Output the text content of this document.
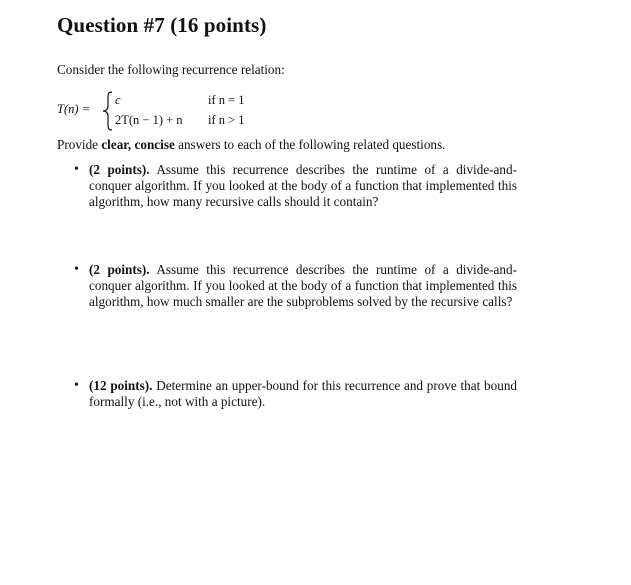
Question #7 (16 points)
Consider the following recurrence relation:
T(n) =
c	if n = 1
2T(n − 1) + n if n > 1
Provide clear, concise answers to each of the following related questions.
• (2 points). Assume this recurrence describes the runtime of a divide-and-conquer algorithm. If you looked at the body of a function that implemented this algorithm, how many recursive calls should it contain?
• (2 points). Assume this recurrence describes the runtime of a divide-and-conquer algorithm. If you looked at the body of a function that implemented this algorithm, how much smaller are the subproblems solved by the recursive calls?
• (12 points). Determine an upper-bound for this recurrence and prove that bound formally (i.e., not with a picture).
